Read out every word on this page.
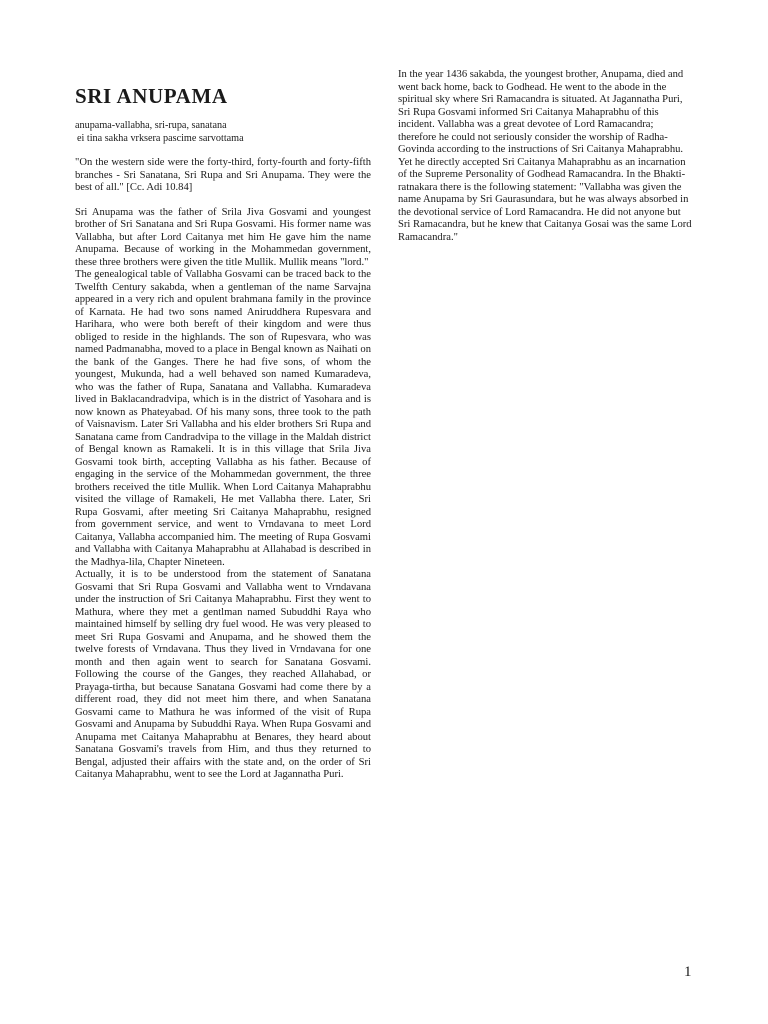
SRI ANUPAMA

anupama-vallabha, sri-rupa, sanatana

ei tina sakha vrksera pascime sarvottama

"On the western side were the forty-third, forty-fourth and forty-fifth branches - Sri Sanatana, Sri Rupa and Sri Anupama. They were the best of all." [Cc. Adi 10.84]

Sri Anupama was the father of Srila Jiva Gosvami and youngest brother of Sri Sanatana and Sri Rupa Gosvami. His former name was Vallabha, but after Lord Caitanya met him He gave him the name Anupama. Because of working in the Mohammedan government, these three brothers were given the title Mullik. Mullik means "lord."

The genealogical table of Vallabha Gosvami can be traced back to the Twelfth Century sakabda, when a gentleman of the name Sarvajna appeared in a very rich and opulent brahmana family in the province of Karnata. He had two sons named Aniruddhera Rupesvara and Harihara, who were both bereft of their kingdom and were thus obliged to reside in the highlands. The son of Rupesvara, who was named Padmanabha, moved to a place in Bengal known as Naihati on the bank of the Ganges. There he had five sons, of whom the youngest, Mukunda, had a well behaved son named Kumaradeva, who was the father of Rupa, Sanatana and Vallabha. Kumaradeva lived in Baklacandradvipa, which is in the district of Yasohara and is now known as Phateyabad. Of his many sons, three took to the path of Vaisnavism. Later Sri Vallabha and his elder brothers Sri Rupa and Sanatana came from Candradvipa to the village in the Maldah district of Bengal known as Ramakeli. It is in this village that Srila Jiva Gosvami took birth, accepting Vallabha as his father. Because of engaging in the service of the Mohammedan government, the three brothers received the title Mullik. When Lord Caitanya Mahaprabhu visited the village of Ramakeli, He met Vallabha there. Later, Sri Rupa Gosvami, after meeting Sri Caitanya Mahaprabhu, resigned from government service, and went to Vrndavana to meet Lord Caitanya, Vallabha accompanied him. The meeting of Rupa Gosvami and Vallabha with Caitanya Mahaprabhu at Allahabad is described in the Madhya-lila, Chapter Nineteen.

Actually, it is to be understood from the statement of Sanatana Gosvami that Sri Rupa Gosvami and Vallabha went to Vrndavana under the instruction of Sri Caitanya Mahaprabhu. First they went to Mathura, where they met a gentlman named Subuddhi Raya who maintained himself by selling dry fuel wood. He was very pleased to meet Sri Rupa Gosvami and Anupama, and he showed them the twelve forests of Vrndavana. Thus they lived in Vrndavana for one month and then again went to search for Sanatana Gosvami. Following the course of the Ganges, they reached Allahabad, or Prayaga-tirtha, but because Sanatana Gosvami had come there by a different road, they did not meet him there, and when Sanatana Gosvami came to Mathura he was informed of the visit of Rupa Gosvami and Anupama by Subuddhi Raya. When Rupa Gosvami and Anupama met Caitanya Mahaprabhu at Benares, they heard about Sanatana Gosvami's travels from Him, and thus they returned to Bengal, adjusted their affairs with the state and, on the order of Sri Caitanya Mahaprabhu, went to see the Lord at Jagannatha Puri.

In the year 1436 sakabda, the youngest brother, Anupama, died and went back home, back to Godhead. He went to the abode in the spiritual sky where Sri Ramacandra is situated. At Jagannatha Puri, Sri Rupa Gosvami informed Sri Caitanya Mahaprabhu of this incident. Vallabha was a great devotee of Lord Ramacandra; therefore he could not seriously consider the worship of Radha-Govinda according to the instructions of Sri Caitanya Mahaprabhu. Yet he directly accepted Sri Caitanya Mahaprabhu as an incarnation of the Supreme Personality of Godhead Ramacandra. In the Bhakti-ratnakara there is the following statement: "Vallabha was given the name Anupama by Sri Gaurasundara, but he was always absorbed in the devotional service of Lord Ramacandra. He did not anyone but Sri Ramacandra, but he knew that Caitanya Gosai was the same Lord Ramacandra."

1
